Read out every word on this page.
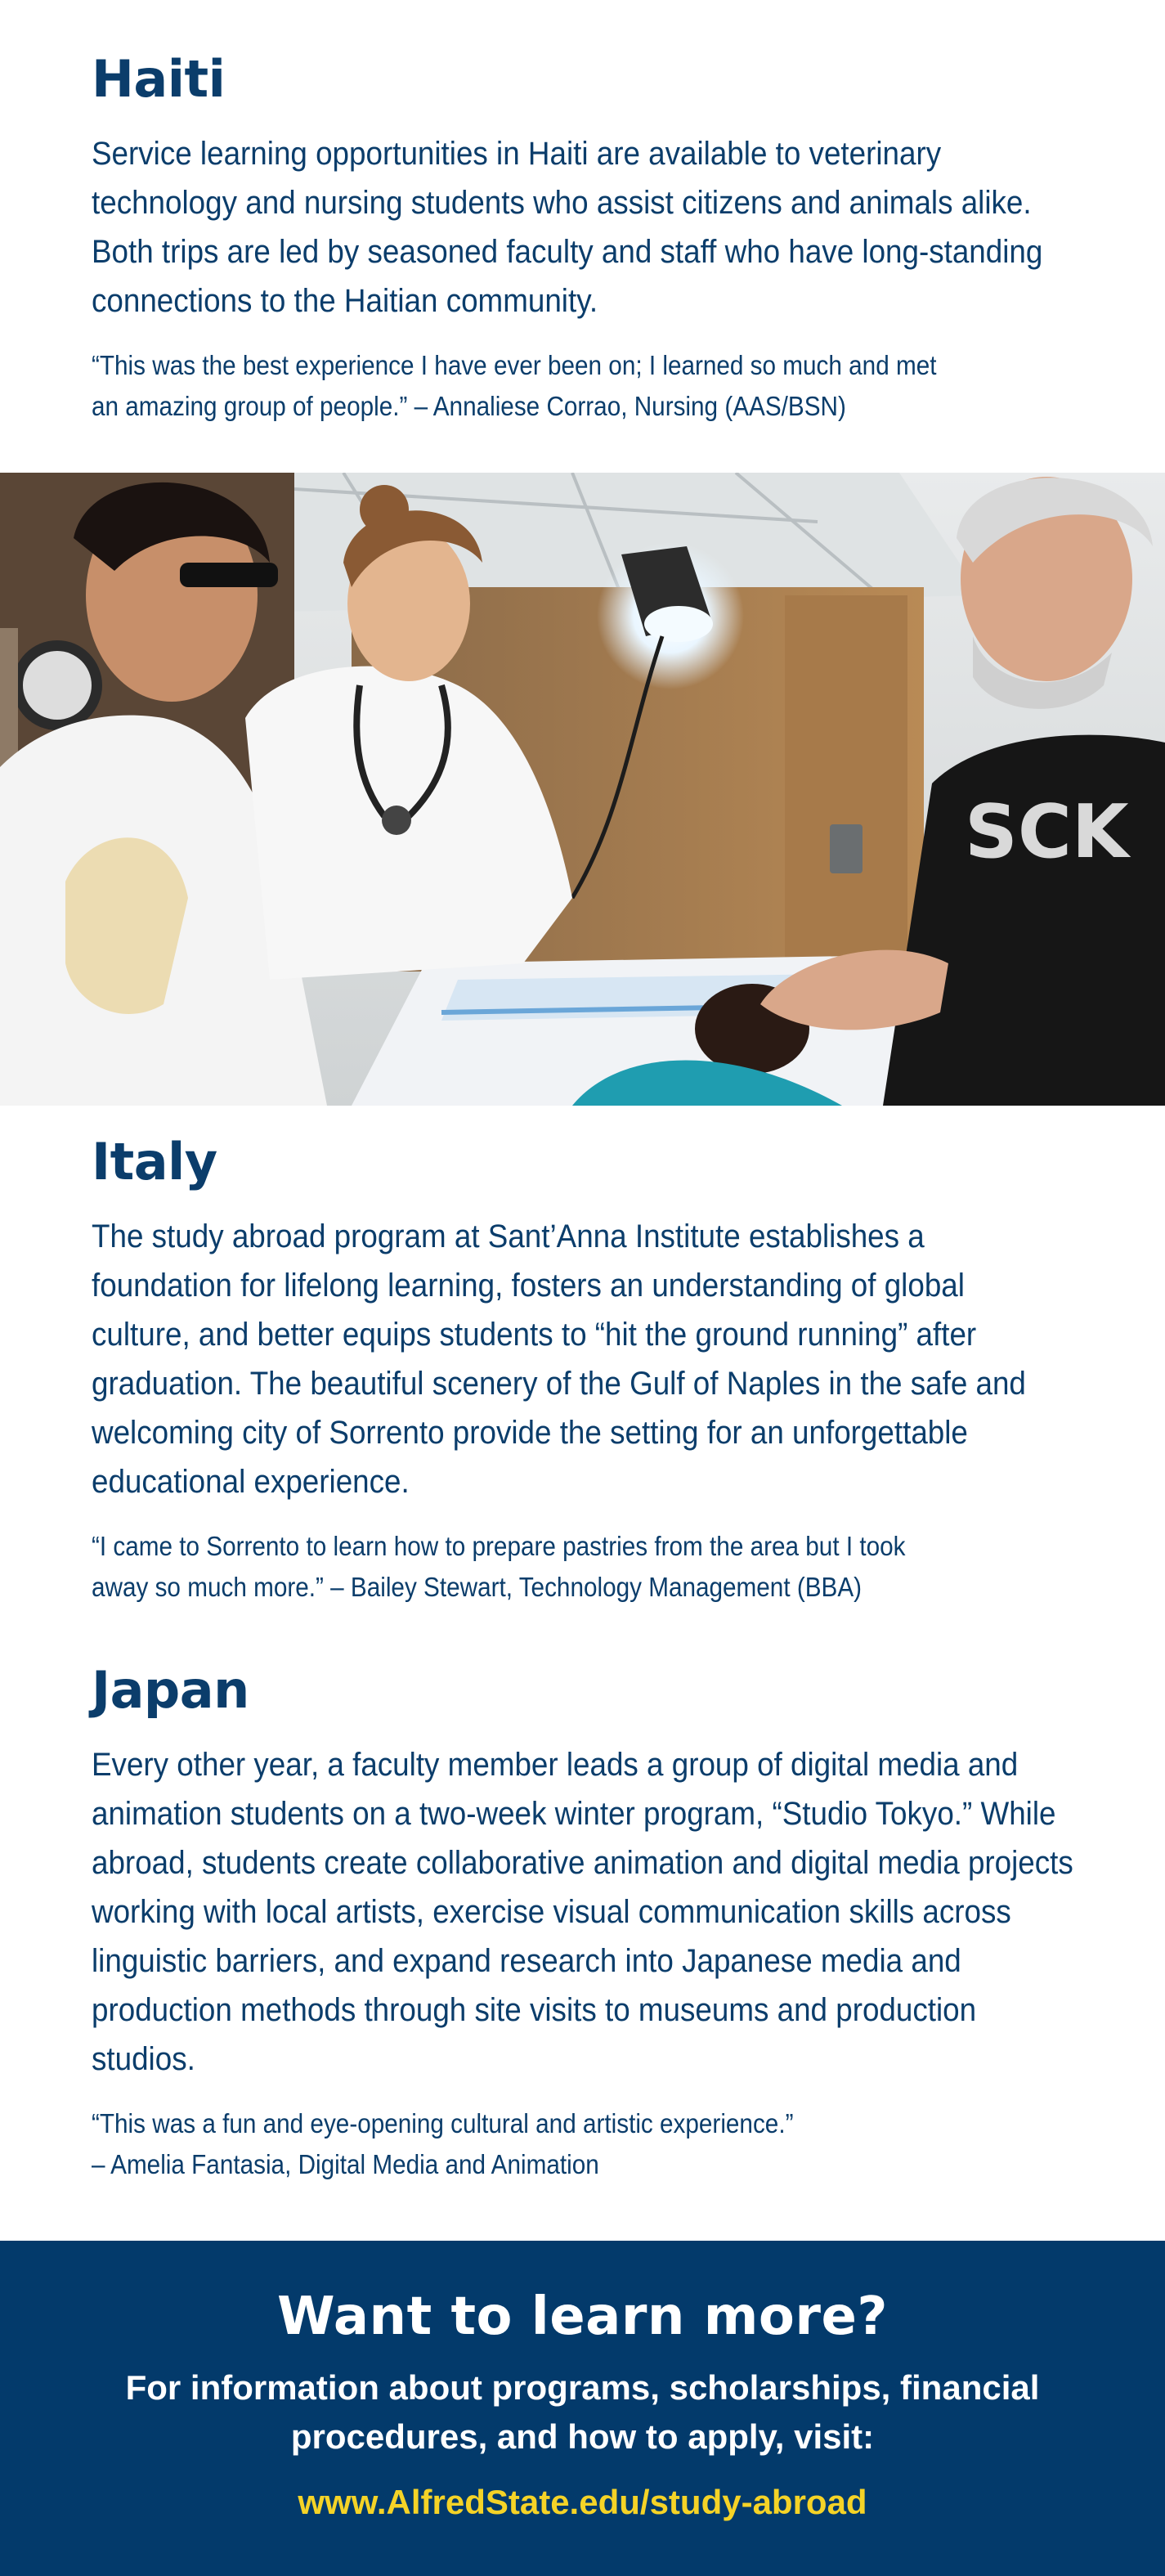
Haiti

Service learning opportunities in Haiti are available to veterinary technology and nursing students who assist citizens and animals alike. Both trips are led by seasoned faculty and staff who have long-standing connections to the Haitian community.

“This was the best experience I have ever been on; I learned so much and met
an amazing group of people.” – Annaliese Corrao, Nursing (AAS/BSN)
SCK
Italy

The study abroad program at Sant’Anna Institute establishes a foundation for lifelong learning, fosters an understanding of global culture, and better equips students to “hit the ground running” after graduation. The beautiful scenery of the Gulf of Naples in the safe and welcoming city of Sorrento provide the setting for an unforgettable educational experience.

“I came to Sorrento to learn how to prepare pastries from the area but I took
away so much more.” – Bailey Stewart, Technology Management (BBA)
Japan

Every other year, a faculty member leads a group of digital media and animation students on a two-week winter program, “Studio Tokyo.” While abroad, students create collaborative animation and digital media projects working with local artists, exercise visual communication skills across linguistic barriers, and expand research into Japanese media and production methods through site visits to museums and production studios.

“This was a fun and eye-opening cultural and artistic experience.”
– Amelia Fantasia, Digital Media and Animation
Want to learn more?

For information about programs, scholarships, financial
procedures, and how to apply, visit:

www.AlfredState.edu/study-abroad
